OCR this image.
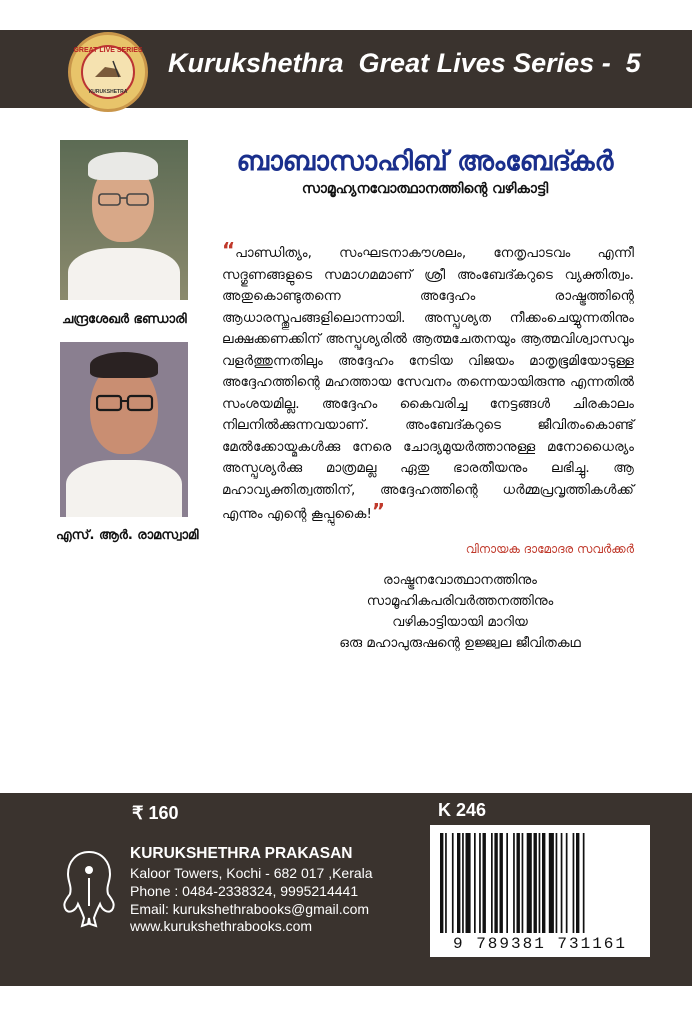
GREAT LIVE SERIES
KURUKSHETRA
Kurukshethra  Great Lives Series -  5
ചന്ദ്രശേഖർ ഭണ്ഡാരി
എസ്. ആർ. രാമസ്വാമി
ബാബാസാഹിബ് അംബേദ്കർ
സാമൂഹ്യനവോത്ഥാനത്തിന്റെ വഴികാട്ടി
“പാണ്ഡിത്യം, സംഘടനാകൗശലം, നേതൃപാടവം എന്നീ സദ്ഗുണങ്ങളുടെ സമാഗമമാണ് ശ്രീ അംബേദ്കറുടെ വ്യക്തിത്വം. അതുകൊണ്ടുതന്നെ അദ്ദേഹം രാഷ്ട്രത്തിന്റെ ആധാരസ്തൂപങ്ങളിലൊന്നായി. അസ്പൃശ്യത നീക്കംചെയ്യുന്നതിനും ലക്ഷക്കണക്കിന് അസ്പൃശ്യരിൽ ആത്മചേതനയും ആത്മവിശ്വാസവും വളർത്തുന്നതിലും അദ്ദേഹം നേടിയ വിജയം മാതൃഭൂമിയോടുള്ള അദ്ദേഹത്തിന്റെ മഹത്തായ സേവനം തന്നെയായിരുന്നു എന്നതിൽ സംശയമില്ല. അദ്ദേഹം കൈവരിച്ച നേട്ടങ്ങൾ ചിരകാലം നിലനിൽക്കുന്നവയാണ്. അംബേദ്കറുടെ ജീവിതംകൊണ്ട് മേൽക്കോയ്മകൾക്കു നേരെ ചോദ്യമുയർത്താനുള്ള മനോധൈര്യം അസ്പൃശ്യർക്കു മാത്രമല്ല ഏതു ഭാരതീയനും ലഭിച്ചു. ആ മഹാവ്യക്തിത്വത്തിന്, അദ്ദേഹത്തിന്റെ ധർമ്മപ്രവൃത്തികൾക്ക് എന്നും എന്റെ കൂപ്പുകൈ!”
വിനായക ദാമോദര സവർക്കർ
രാഷ്ട്രനവോത്ഥാനത്തിനും
സാമൂഹികപരിവർത്തനത്തിനും
വഴികാട്ടിയായി മാറിയ
ഒരു മഹാപുരുഷന്റെ ഉജ്ജ്വല ജീവിതകഥ
₹ 160	K 246
KURUKSHETHRA PRAKASAN
Kaloor Towers, Kochi - 682 017 ,Kerala
Phone : 0484-2338324, 9995214441
Email: kurukshethrabooks@gmail.com
www.kurukshethrabooks.com
9 789381 731161
